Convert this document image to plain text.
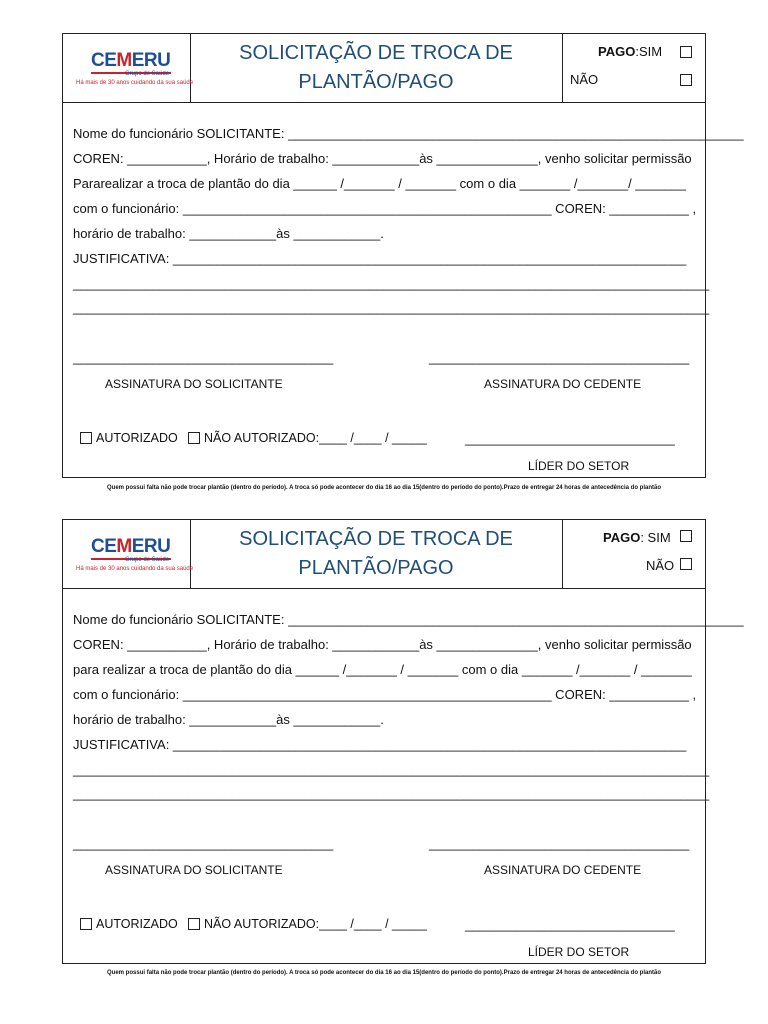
CEMERU
Grupo de Saúde
Há mais de 30 anos cuidando da sua saúde
SOLICITAÇÃO DE TROCA DE
PLANTÃO/PAGO
PAGO :SIM
NÃO
Nome do funcionário SOLICITANTE: _______________________________________________________________
COREN: ___________, Horário de trabalho: ____________às ______________, venho solicitar permissão
Pararealizar a troca de plantão do dia ______ /_______ / _______ com o dia _______ /_______/ _______
com o funcionário: ___________________________________________________ COREN: ___________ ,
horário de trabalho: ____________às ____________.
JUSTIFICATIVA: _______________________________________________________________________
________________________________________________________________________________________
________________________________________________________________________________________
____________________________________	____________________________________
ASSINATURA DO SOLICITANTE	ASSINATURA DO CEDENTE
AUTORIZADO NÃO AUTORIZADO:____ /____ / _____	_____________________________
LÍDER DO SETOR
Quem possui falta não pode trocar plantão (dentro do período). A troca só pode acontecer do dia 16 ao dia 15(dentro do período do ponto).Prazo de entregar 24 horas de antecedência do plantão
CEMERU
Grupo de Saúde
Há mais de 30 anos cuidando da sua saúde
SOLICITAÇÃO DE TROCA DE
PLANTÃO/PAGO
PAGO : SIM
NÃO
Nome do funcionário SOLICITANTE: _______________________________________________________________
COREN: ___________, Horário de trabalho: ____________às ______________, venho solicitar permissão
para realizar a troca de plantão do dia ______ /_______ / _______ com o dia _______ /_______ / _______
com o funcionário: ___________________________________________________ COREN: ___________ ,
horário de trabalho: ____________às ____________.
JUSTIFICATIVA: _______________________________________________________________________
________________________________________________________________________________________
________________________________________________________________________________________
____________________________________	____________________________________
ASSINATURA DO SOLICITANTE	ASSINATURA DO CEDENTE
AUTORIZADO NÃO AUTORIZADO:____ /____ / _____	_____________________________
LÍDER DO SETOR
Quem possui falta não pode trocar plantão (dentro do período). A troca só pode acontecer do dia 16 ao dia 15(dentro do período do ponto).Prazo de entregar 24 horas de antecedência do plantão
